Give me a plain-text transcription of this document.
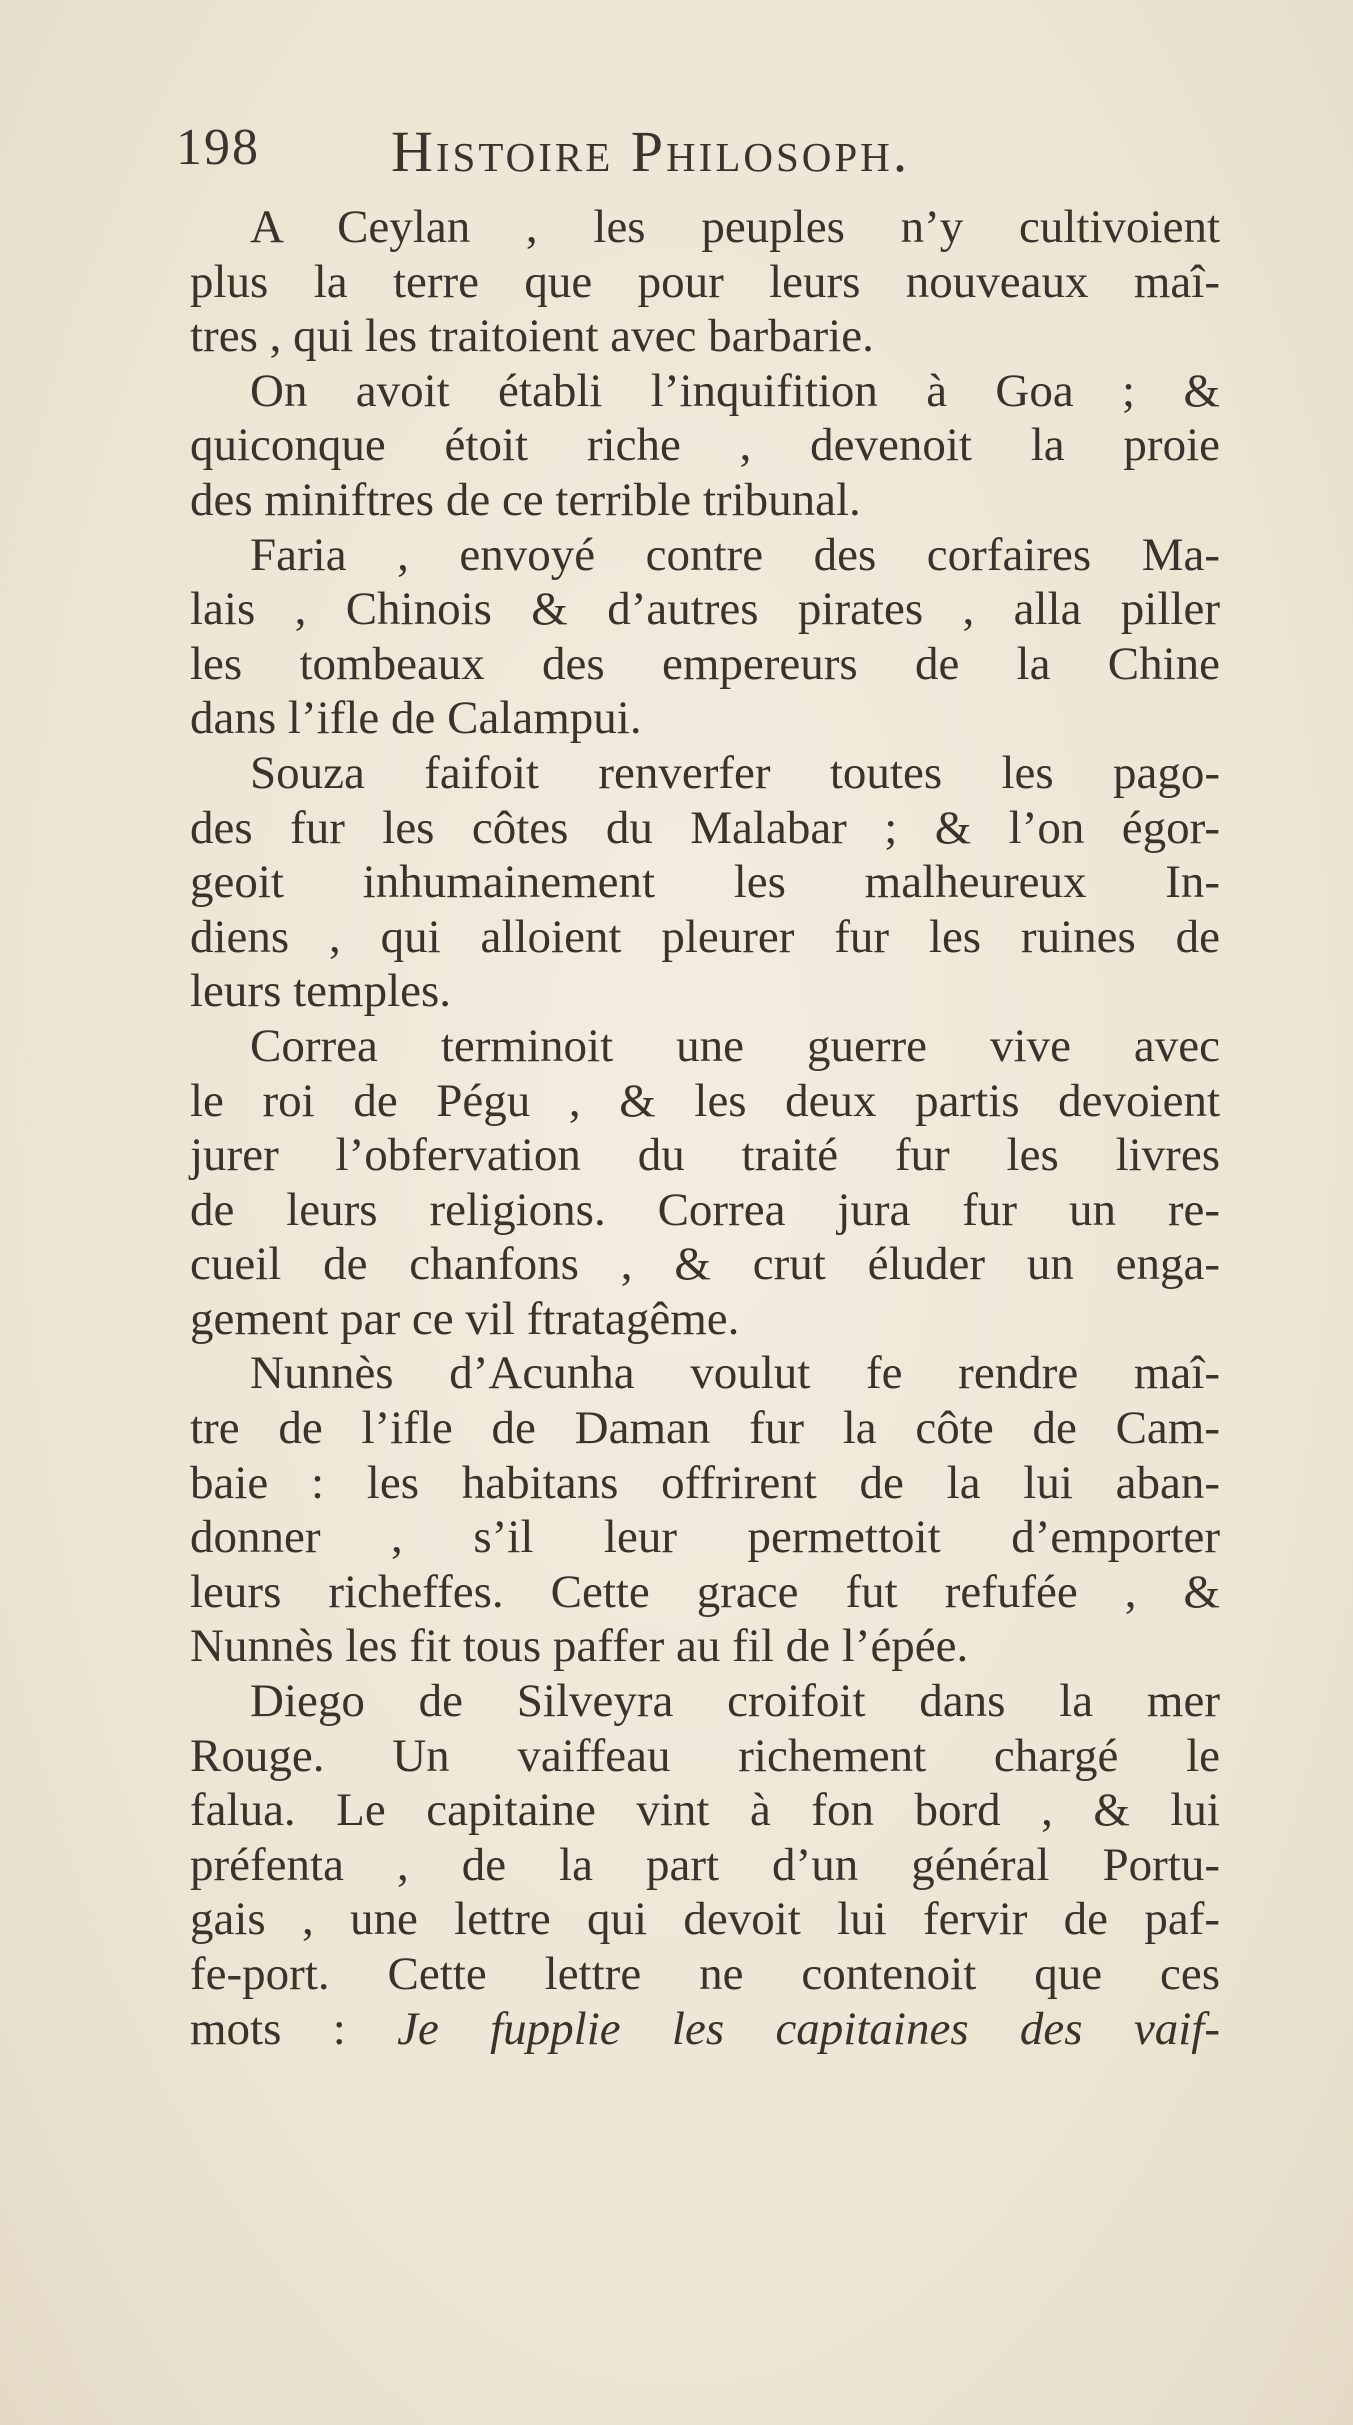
198 Histoire Philosoph.
A Ceylan , les peuples n’y cultivoient
plus la terre que pour leurs nouveaux maî-
tres , qui les traitoient avec barbarie.
On avoit établi l’inquifition à Goa ; &
quiconque étoit riche , devenoit la proie
des miniftres de ce terrible tribunal.
Faria , envoyé contre des corfaires Ma-
lais , Chinois & d’autres pirates , alla piller
les tombeaux des empereurs de la Chine
dans l’ifle de Calampui.
Souza faifoit renverfer toutes les pago-
des fur les côtes du Malabar ; & l’on égor-
geoit inhumainement les malheureux In-
diens , qui alloient pleurer fur les ruines de
leurs temples.
Correa terminoit une guerre vive avec
le roi de Pégu , & les deux partis devoient
jurer l’obfervation du traité fur les livres
de leurs religions. Correa jura fur un re-
cueil de chanfons , & crut éluder un enga-
gement par ce vil ftratagême.
Nunnès d’Acunha voulut fe rendre maî-
tre de l’ifle de Daman fur la côte de Cam-
baie : les habitans offrirent de la lui aban-
donner , s’il leur permettoit d’emporter
leurs richeffes. Cette grace fut refufée , &
Nunnès les fit tous paffer au fil de l’épée.
Diego de Silveyra croifoit dans la mer
Rouge. Un vaiffeau richement chargé le
falua. Le capitaine vint à fon bord , & lui
préfenta , de la part d’un général Portu-
gais , une lettre qui devoit lui fervir de paf-
fe-port. Cette lettre ne contenoit que ces
mots : Je fupplie les capitaines des vaif-
